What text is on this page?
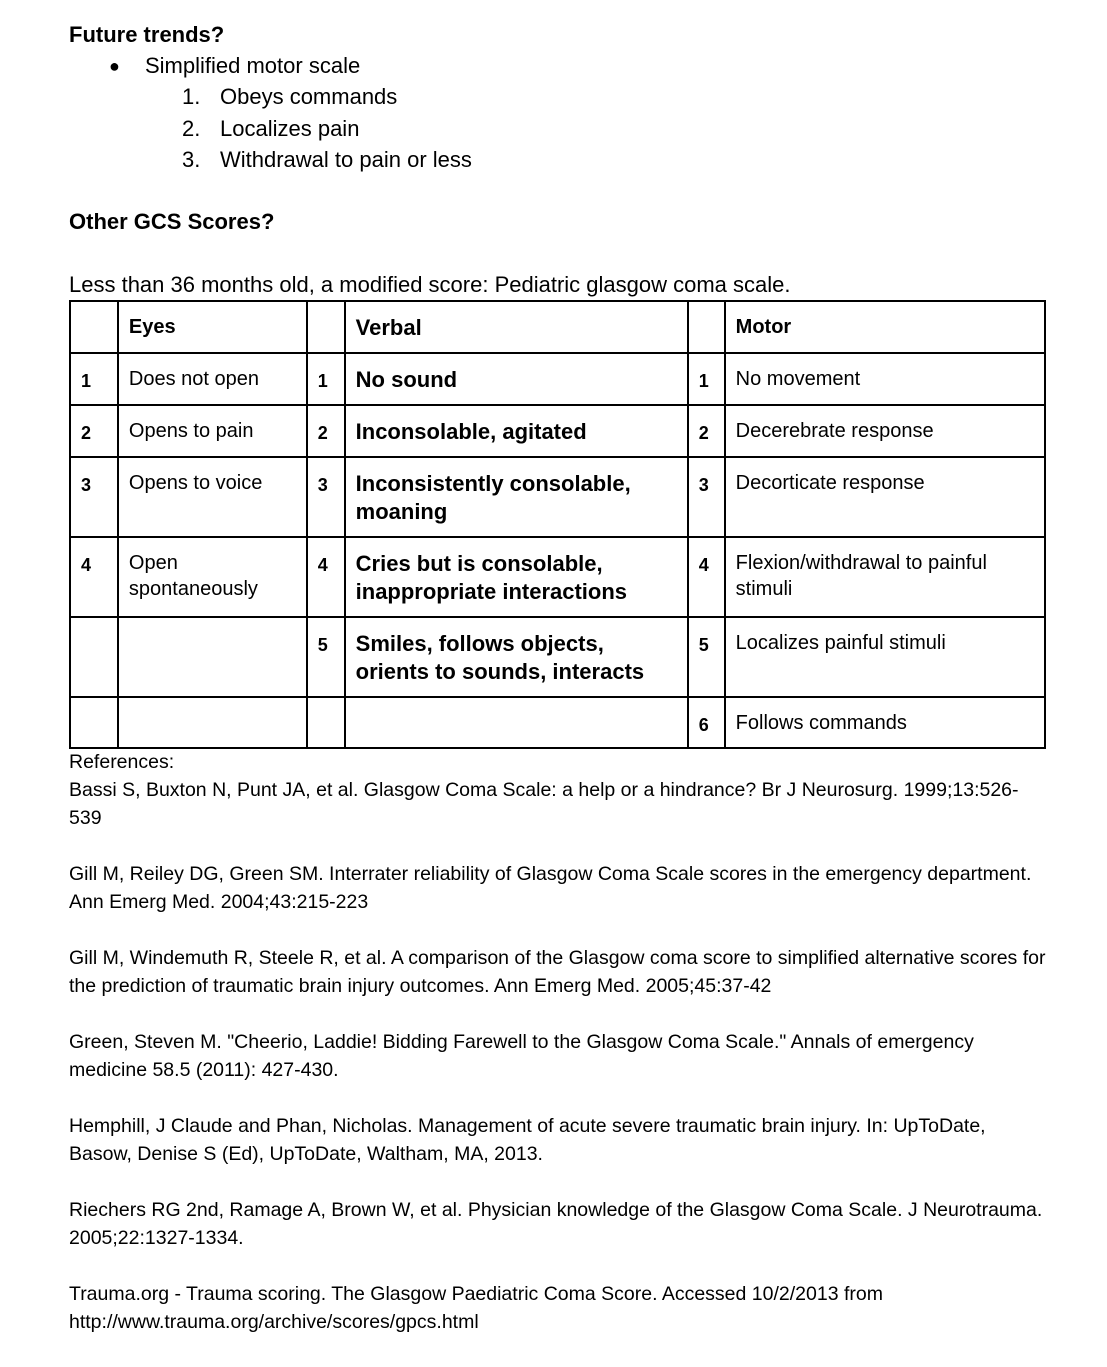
Future trends?
● Simplified motor scale
1. Obeys commands
2. Localizes pain
3. Withdrawal to pain or less
Other GCS Scores?
Less than 36 months old, a modified score: Pediatric glasgow coma scale.
	Eyes		Verbal		Motor
1	Does not open	1	No sound	1	No movement
2	Opens to pain	2	Inconsolable, agitated	2	Decerebrate response
3	Opens to voice	3	Inconsistently consolable, moaning	3	Decorticate response
4	Open spontaneously	4	Cries but is consolable, inappropriate interactions	4	Flexion/withdrawal to painful stimuli
		5	Smiles, follows objects, orients to sounds, interacts	5	Localizes painful stimuli
				6	Follows commands

References:

Bassi S, Buxton N, Punt JA, et al. Glasgow Coma Scale: a help or a hindrance? Br J Neurosurg. 1999;13:526-539

Gill M, Reiley DG, Green SM. Interrater reliability of Glasgow Coma Scale scores in the emergency department. Ann Emerg Med. 2004;43:215-223

Gill M, Windemuth R, Steele R, et al. A comparison of the Glasgow coma score to simplified alternative scores for the prediction of traumatic brain injury outcomes. Ann Emerg Med. 2005;45:37-42

Green, Steven M. "Cheerio, Laddie! Bidding Farewell to the Glasgow Coma Scale." Annals of emergency medicine 58.5 (2011): 427-430.

Hemphill, J Claude and Phan, Nicholas. Management of acute severe traumatic brain injury. In: UpToDate, Basow, Denise S (Ed), UpToDate, Waltham, MA, 2013.

Riechers RG 2nd, Ramage A, Brown W, et al. Physician knowledge of the Glasgow Coma Scale. J Neurotrauma. 2005;22:1327-1334.

Trauma.org - Trauma scoring. The Glasgow Paediatric Coma Score. Accessed 10/2/2013 from http://www.trauma.org/archive/scores/gpcs.html
